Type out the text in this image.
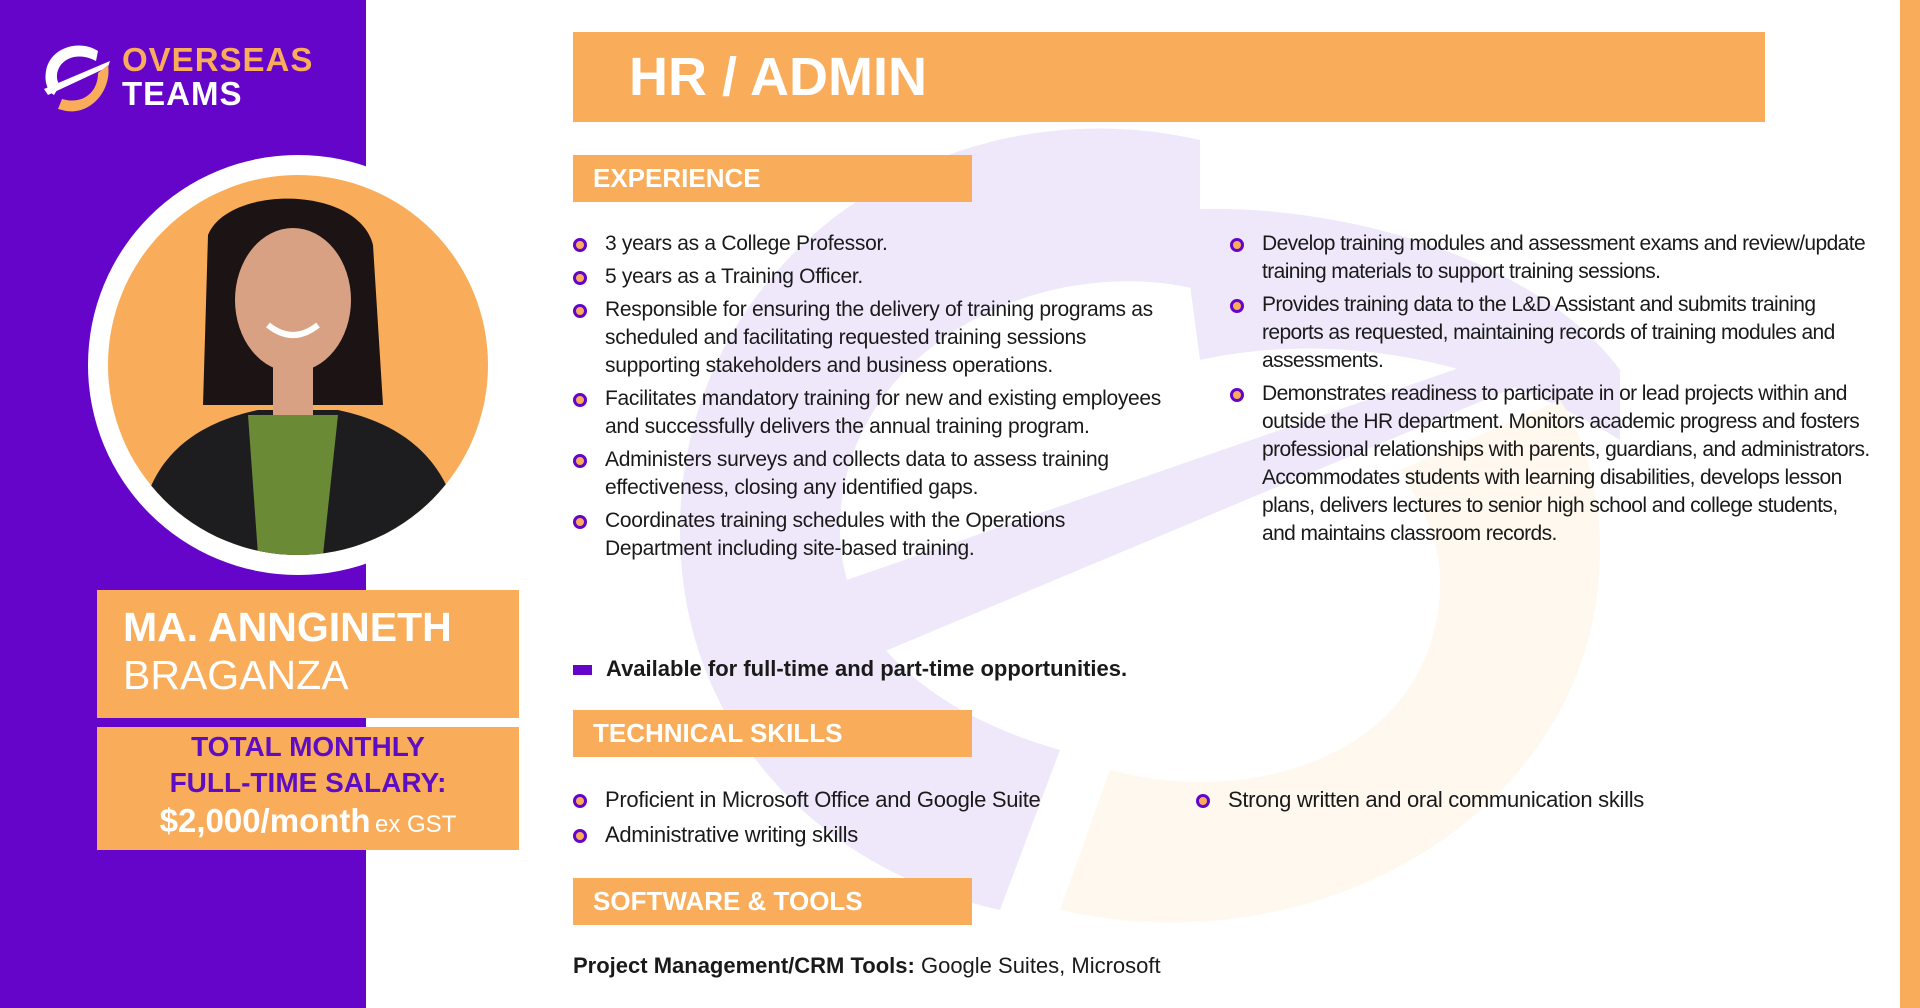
OVERSEAS
TEAMS
MA. ANNGINETH
BRAGANZA
TOTAL MONTHLY
FULL-TIME SALARY:
$2,000/month ex GST
HR / ADMIN
EXPERIENCE
3 years as a College Professor.
5 years as a Training Officer.
Responsible for ensuring the delivery of training programs as scheduled and facilitating requested training sessions supporting stakeholders and business operations.
Facilitates mandatory training for new and existing employees and successfully delivers the annual training program.
Administers surveys and collects data to assess training effectiveness, closing any identified gaps.
Coordinates training schedules with the Operations Department including site-based training.
Develop training modules and assessment exams and review/update training materials to support training sessions.
Provides training data to the L&D Assistant and submits training reports as requested, maintaining records of training modules and assessments.
Demonstrates readiness to participate in or lead projects within and outside the HR department. Monitors academic progress and fosters professional relationships with parents, guardians, and administrators. Accommodates students with learning disabilities, develops lesson plans, delivers lectures to senior high school and college students, and maintains classroom records.
Available for full-time and part-time opportunities.
TECHNICAL SKILLS
Proficient in Microsoft Office and Google Suite
Administrative writing skills
Strong written and oral communication skills
SOFTWARE & TOOLS
Project Management/CRM Tools: Google Suites, Microsoft
